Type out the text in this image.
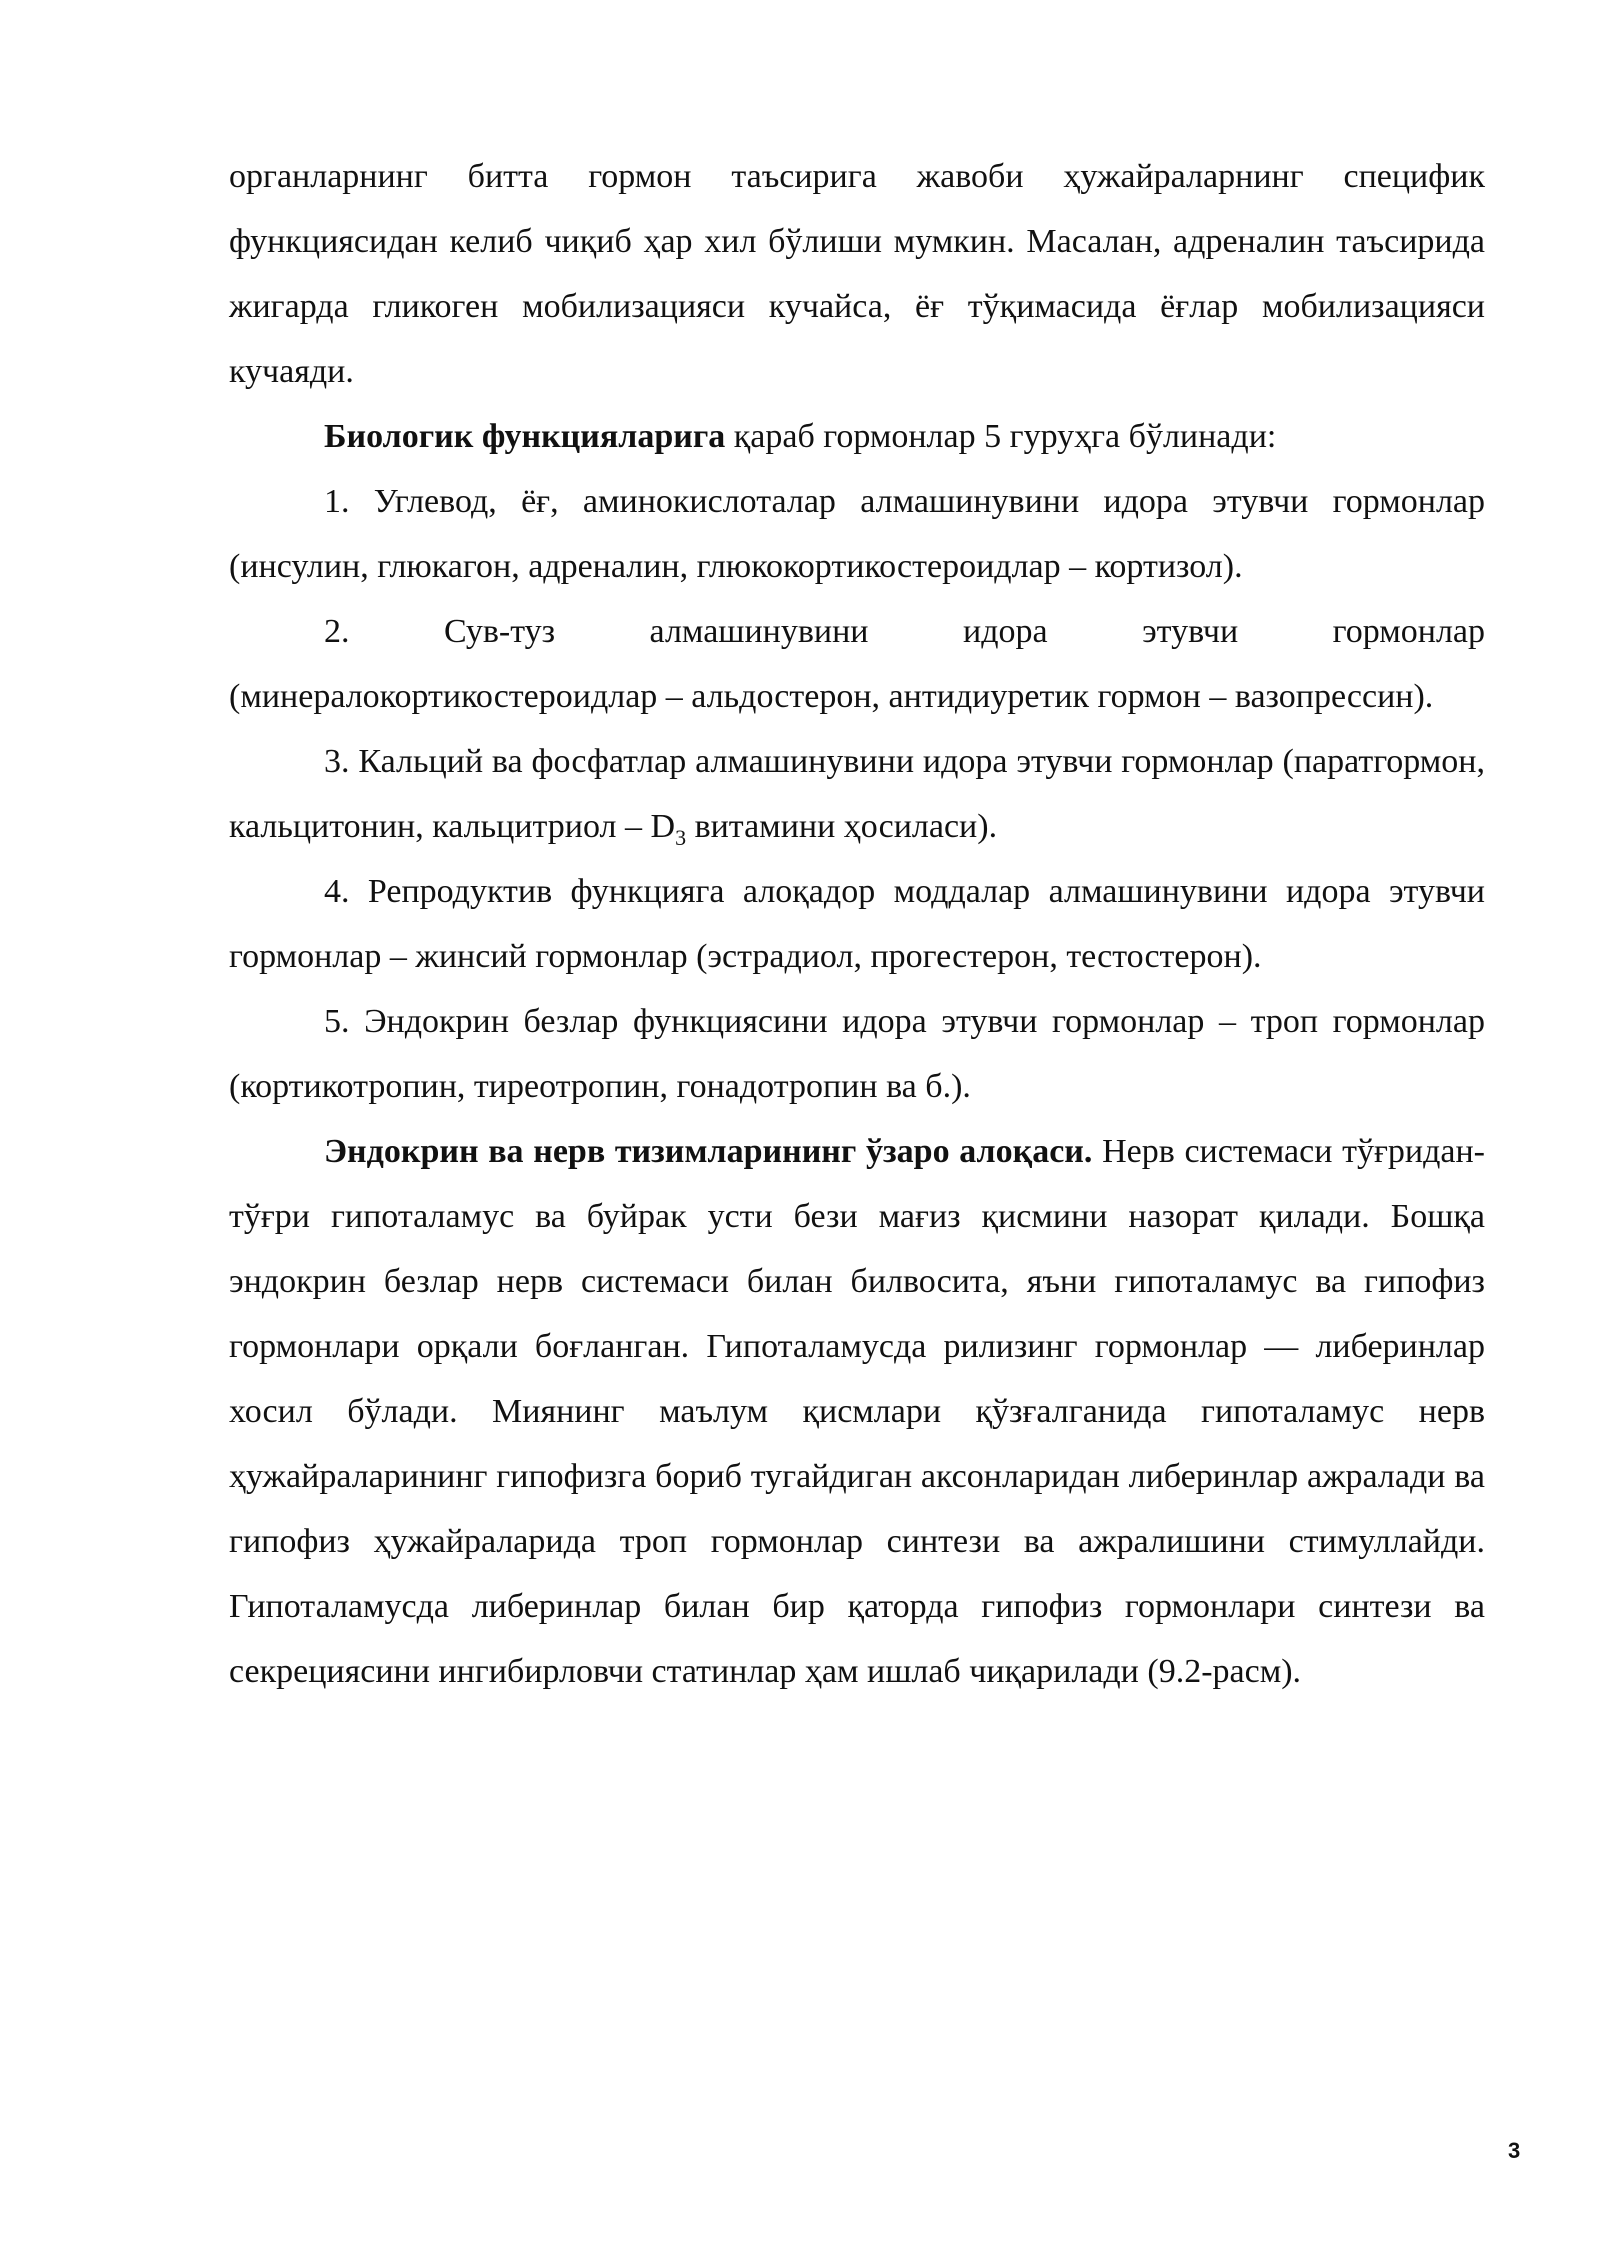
органларнинг битта гормон таъсирига жавоби ҳужайраларнинг специфик функциясидан келиб чиқиб ҳар хил бўлиши мумкин. Масалан, адреналин таъсирида жигарда гликоген мобилизацияси кучайса, ёғ тўқимасида ёғлар мобилизацияси кучаяди.

Биологик функцияларига қараб гормонлар 5 гуруҳга бўлинади:

1. Углевод, ёғ, аминокислоталар алмашинувини идора этувчи гормонлар (инсулин, глюкагон, адреналин, глюкокортикостероидлар – кортизол).

2. Сув-туз алмашинувини идора этувчи гормонлар (минералокортикостероидлар – альдостерон, антидиуретик гормон – вазопрессин).

3. Кальций ва фосфатлар алмашинувини идора этувчи гормонлар (паратгормон, кальцитонин, кальцитриол – $D_3$ витамини ҳосиласи).

4. Репродуктив функцияга алоқадор моддалар алмашинувини идора этувчи гормонлар – жинсий гормонлар (эстрадиол, прогестерон, тестостерон).

5. Эндокрин безлар функциясини идора этувчи гормонлар – троп гормонлар (кортикотропин, тиреотропин, гонадотропин ва б.).

Эндокрин ва нерв тизимларининг ўзаро алоқаси. Нерв системаси тўғридан-тўғри гипоталамус ва буйрак усти бези мағиз қисмини назорат қилади. Бошқа эндокрин безлар нерв системаси билан билвосита, яъни гипоталамус ва гипофиз гормонлари орқали боғланган. Гипоталамусда рилизинг гормонлар — либеринлар хосил бўлади. Миянинг маълум қисмлари қўзғалганида гипоталамус нерв ҳужайраларининг гипофизга бориб тугайдиган аксонларидан либеринлар ажралади ва гипофиз ҳужайраларида троп гормонлар синтези ва ажралишини стимуллайди. Гипоталамусда либеринлар билан бир қаторда гипофиз гормонлари синтези ва секрециясини ингибирловчи статинлар ҳам ишлаб чиқарилади (9.2-расм).

3
